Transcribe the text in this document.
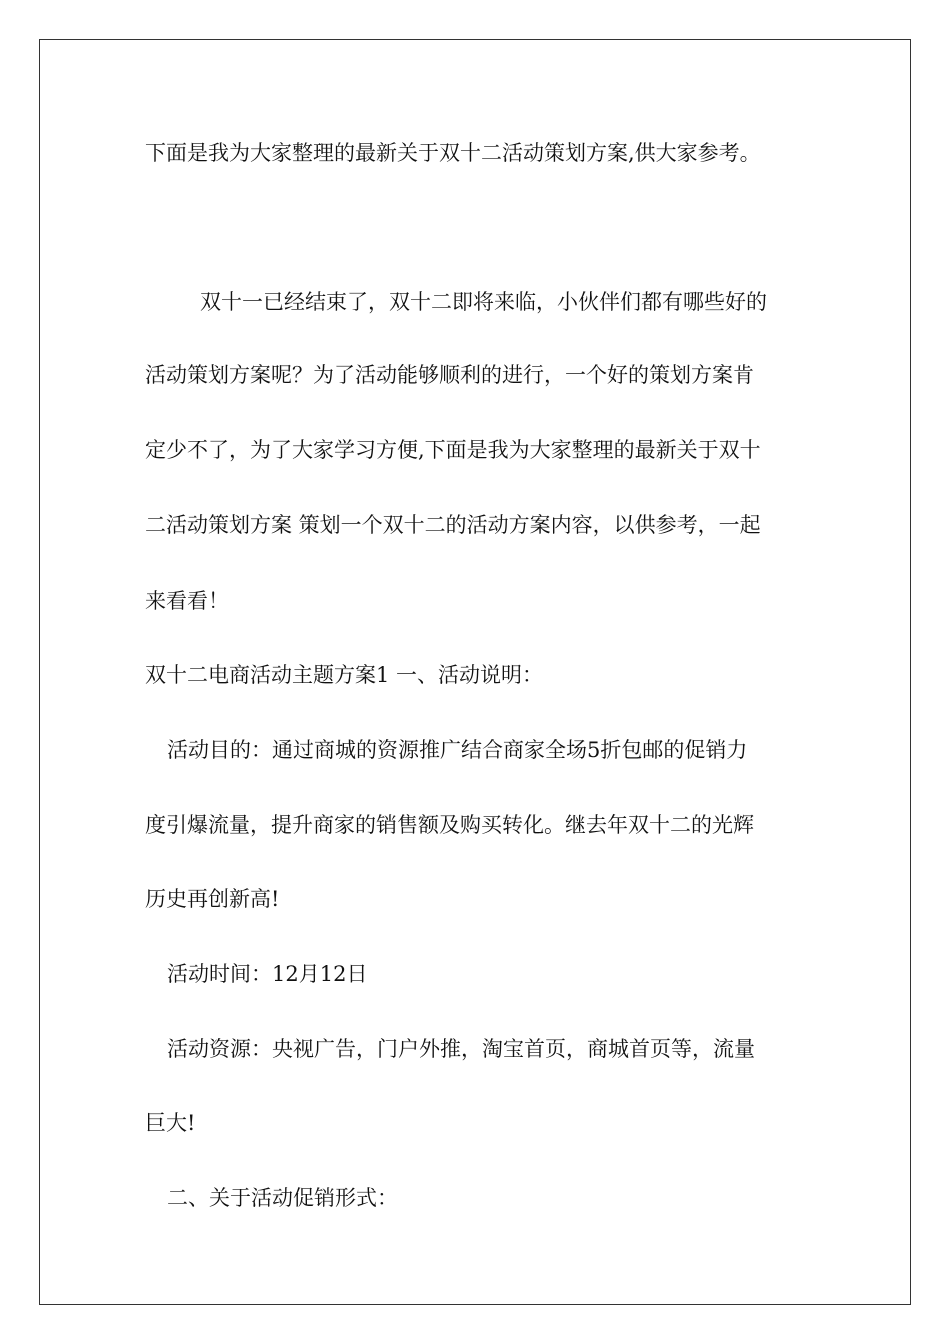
下面是我为大家整理的最新关于双十二活动策划方案,供大家参考。
双十一已经结束了，双十二即将来临，小伙伴们都有哪些好的
活动策划方案呢？为了活动能够顺利的进行，一个好的策划方案肯
定少不了，为了大家学习方便,下面是我为大家整理的最新关于双十
二活动策划方案 策划一个双十二的活动方案内容，以供参考，一起
来看看！
双十二电商活动主题方案1 一、活动说明：
活动目的：通过商城的资源推广结合商家全场5折包邮的促销力
度引爆流量，提升商家的销售额及购买转化。继去年双十二的光辉
历史再创新高!
活动时间：12月12日
活动资源：央视广告，门户外推，淘宝首页，商城首页等，流量
巨大!
二、关于活动促销形式：
